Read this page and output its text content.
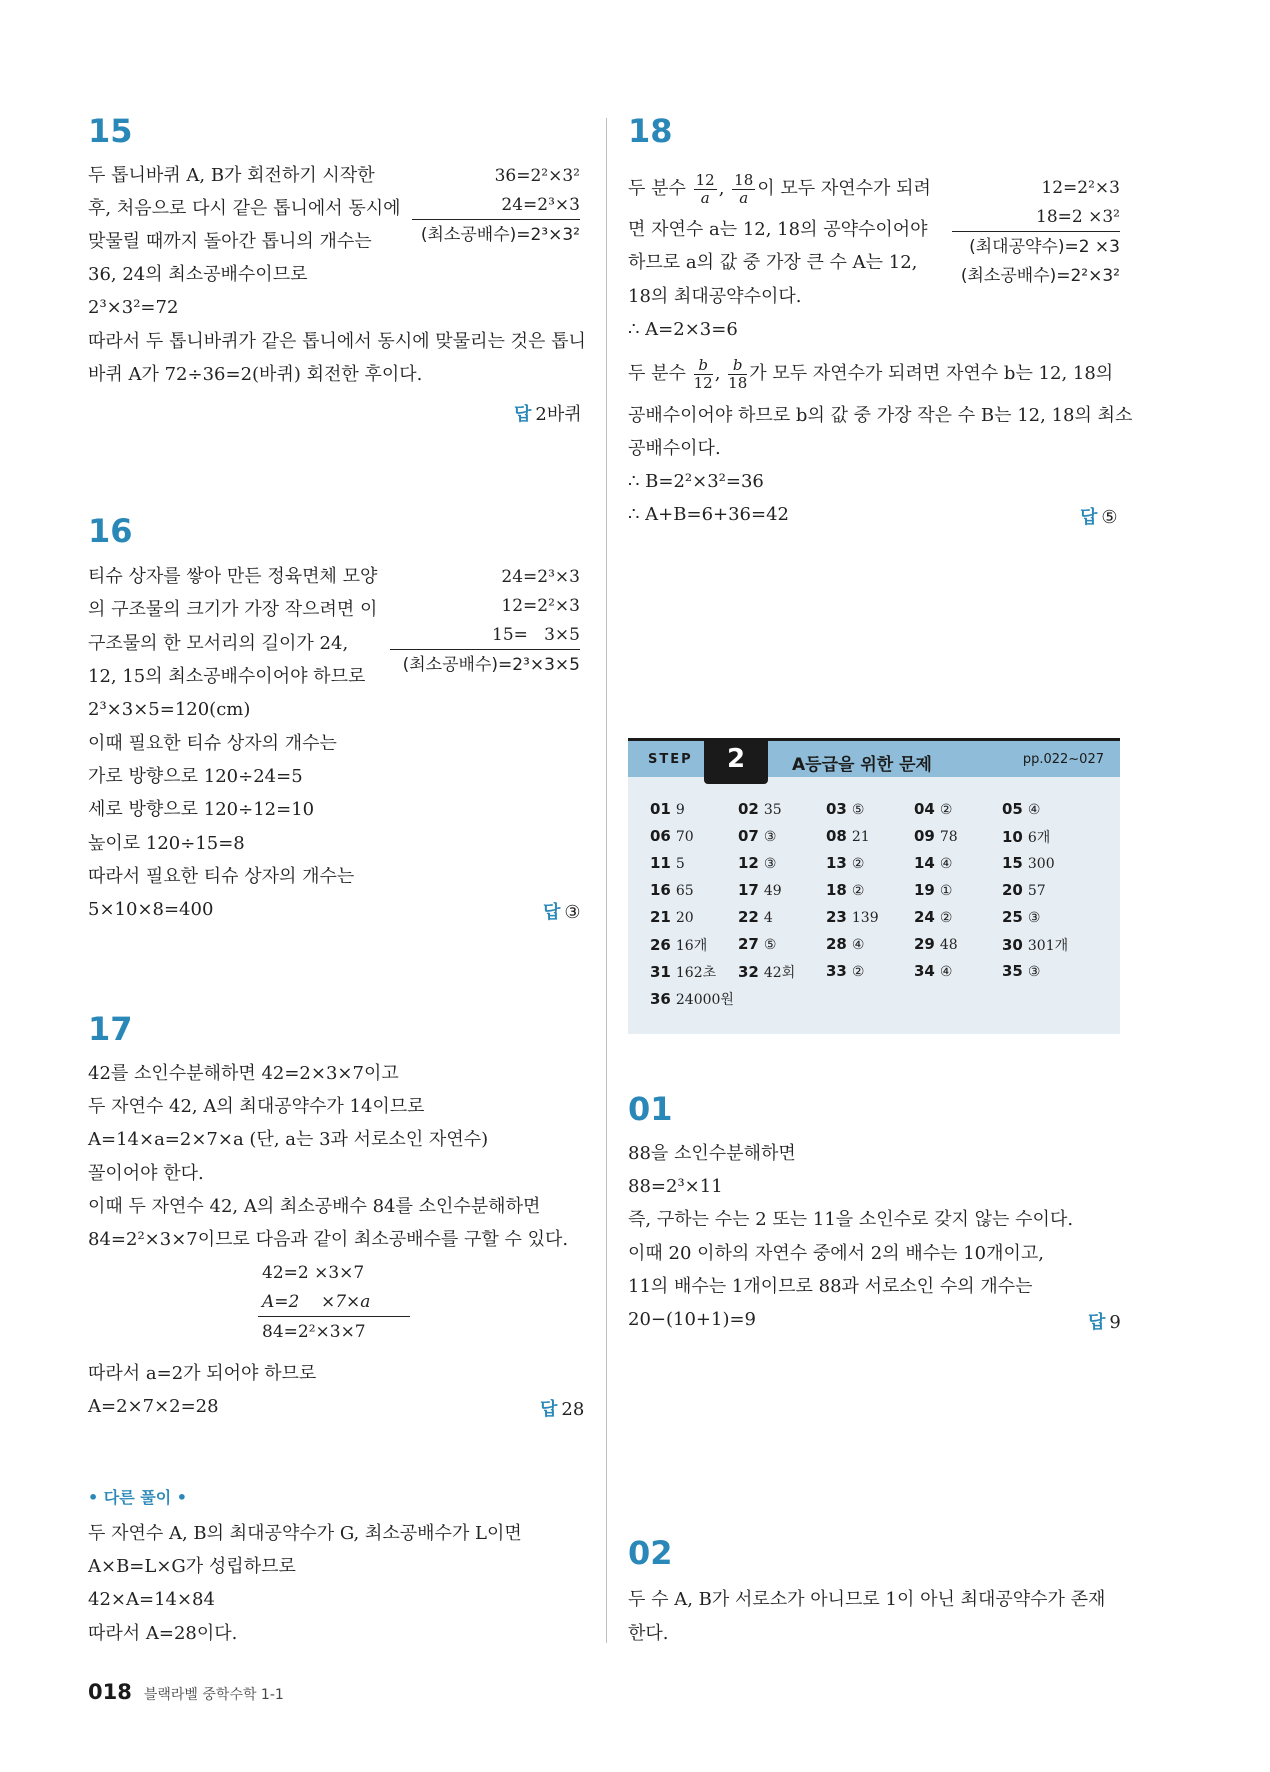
15
두 톱니바퀴 A, B가 회전하기 시작한
후, 처음으로 다시 같은 톱니에서 동시에
맞물릴 때까지 돌아간 톱니의 개수는
36, 24의 최소공배수이므로
2³×3²=72
따라서 두 톱니바퀴가 같은 톱니에서 동시에 맞물리는 것은 톱니
바퀴 A가 72÷36=2(바퀴) 회전한 후이다.
36=2²×3²
24=2³×3
(최소공배수)=2³×3²
답 2바퀴
16
티슈 상자를 쌓아 만든 정육면체 모양
의 구조물의 크기가 가장 작으려면 이
구조물의 한 모서리의 길이가 24,
12, 15의 최소공배수이어야 하므로
2³×3×5=120(cm)
이때 필요한 티슈 상자의 개수는
가로 방향으로 120÷24=5
세로 방향으로 120÷12=10
높이로 120÷15=8
따라서 필요한 티슈 상자의 개수는
5×10×8=400
24=2³×3
12=2²×3
15=   3×5
(최소공배수)=2³×3×5
답 ③
17
42를 소인수분해하면 42=2×3×7이고
두 자연수 42, A의 최대공약수가 14이므로
A=14×a=2×7×a (단, a는 3과 서로소인 자연수)
꼴이어야 한다.
이때 두 자연수 42, A의 최소공배수 84를 소인수분해하면
84=2²×3×7이므로 다음과 같이 최소공배수를 구할 수 있다.
42=2 ×3×7
A=2    ×7×a
84=2²×3×7
따라서 a=2가 되어야 하므로
A=2×7×2=28	답 28
• 다른 풀이 •
두 자연수 A, B의 최대공약수가 G, 최소공배수가 L이면
A×B=L×G가 성립하므로
42×A=14×84
따라서 A=28이다.
18
두 분수 $\frac{12}{a}$ , $\frac{18}{a}$ 이 모두 자연수가 되려
면 자연수 a는 12, 18의 공약수이어야
하므로 a의 값 중 가장 큰 수 A는 12,
18의 최대공약수이다.
∴ A=2×3=6
두 분수 $\frac{b}{12}$ , $\frac{b}{18}$ 가 모두 자연수가 되려면 자연수 b는 12, 18의
공배수이어야 하므로 b의 값 중 가장 작은 수 B는 12, 18의 최소
공배수이다.
∴ B=2²×3²=36
∴ A+B=6+36=42
12=2²×3
18=2 ×3²
(최대공약수)=2 ×3
(최소공배수)=2²×3²
답 ⑤
STEP	2	A등급을 위한 문제	pp.022~027
01 9	02 35	03 ⑤	04 ②	05 ④
06 70	07 ③	08 21	09 78	10 6개
11 5	12 ③	13 ②	14 ④	15 300
16 65	17 49	18 ②	19 ①	20 57
21 20	22 4	23 139 24 ②	25 ③
26 16개 27 ⑤	28 ④	29 48	30 301개
31 162초 32 42회 33 ②	34 ④	35 ③
36 24000원
01
88을 소인수분해하면
88=2³×11
즉, 구하는 수는 2 또는 11을 소인수로 갖지 않는 수이다.
이때 20 이하의 자연수 중에서 2의 배수는 10개이고,
11의 배수는 1개이므로 88과 서로소인 수의 개수는
20−(10+1)=9	답 9
02
두 수 A, B가 서로소가 아니므로 1이 아닌 최대공약수가 존재
한다.
018 블랙라벨 중학수학 1-1
